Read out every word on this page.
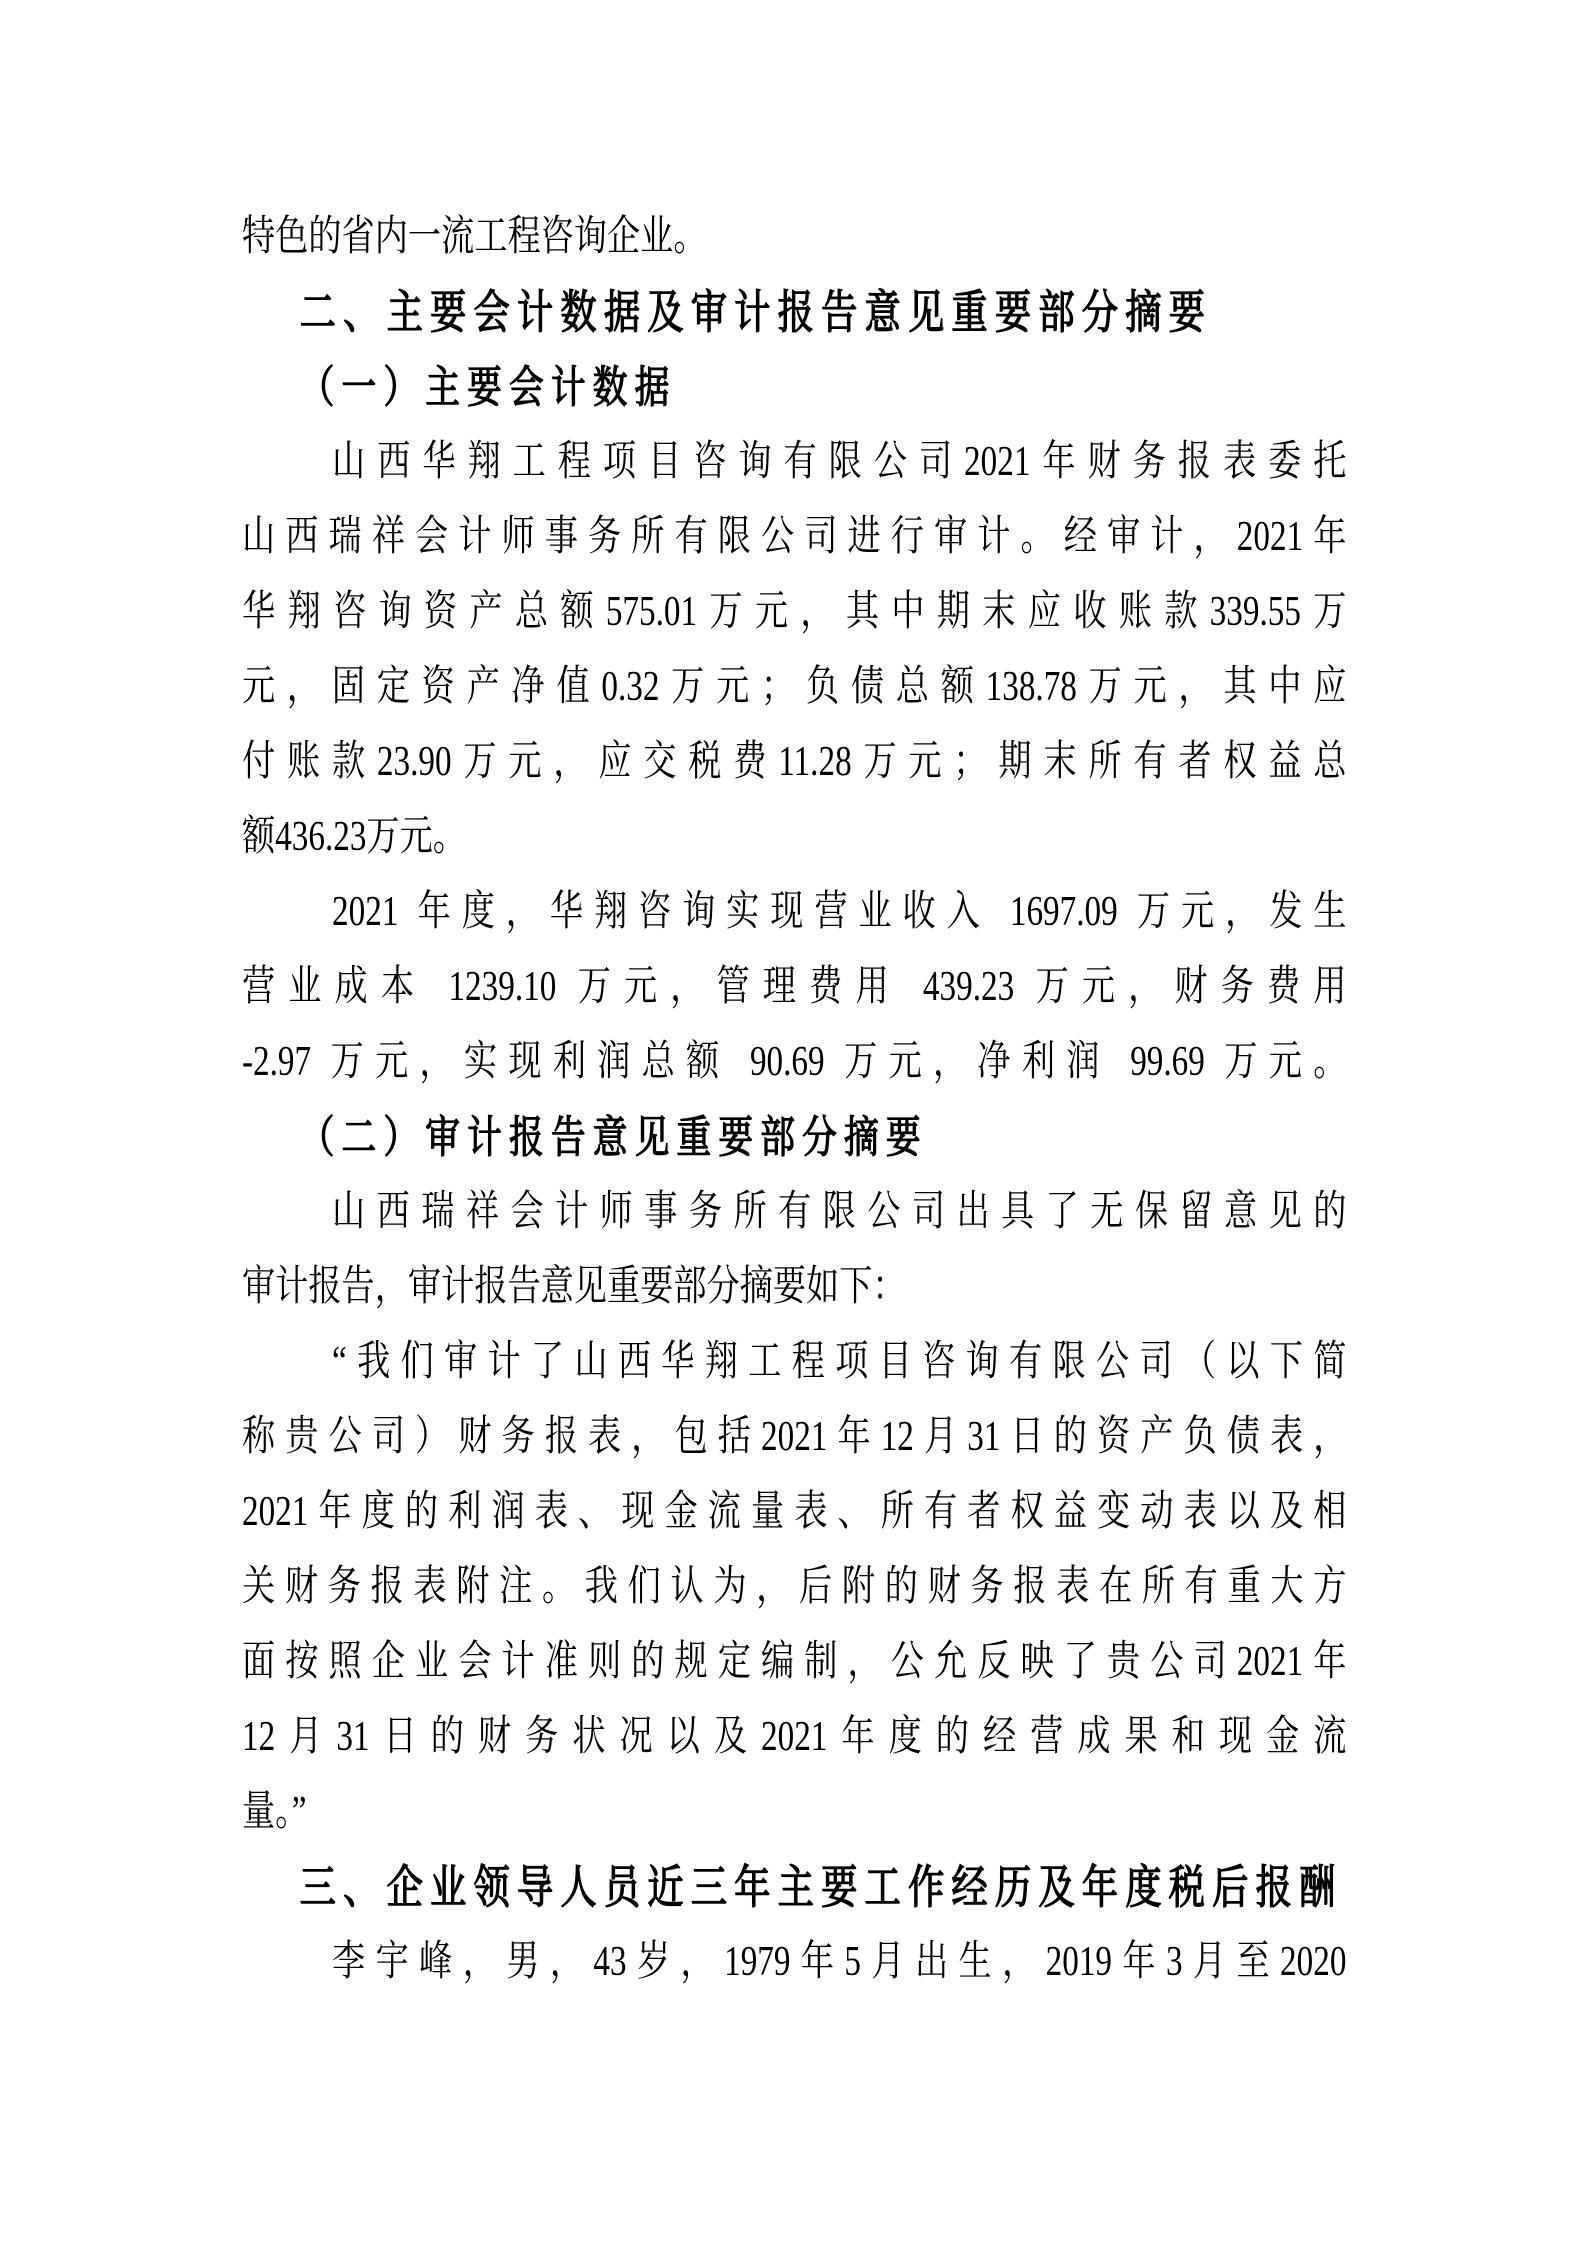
特色的省内一流工程咨询企业。
二、主要会计数据及审计报告意见重要部分摘要
（一）主要会计数据
山西华翔工程项目咨询有限公司2021年财务报表委托
山西瑞祥会计师事务所有限公司进行审计。经审计，2021年
华翔咨询资产总额575.01万元，其中期末应收账款339.55万
元，固定资产净值0.32万元；负债总额138.78万元，其中应
付账款23.90万元，应交税费11.28万元；期末所有者权益总
额436.23万元。
2021 年度，华翔咨询实现营业收入 1697.09 万元，发生
营业成本 1239.10 万元，管理费用 439.23 万元，财务费用
-2.97 万元，实现利润总额 90.69 万元，净利润 99.69 万元。
（二）审计报告意见重要部分摘要
山西瑞祥会计师事务所有限公司出具了无保留意见的
审计报告，审计报告意见重要部分摘要如下：
“我们审计了山西华翔工程项目咨询有限公司（以下简
称贵公司）财务报表，包括2021年12月31日的资产负债表，
2021年度的利润表、现金流量表、所有者权益变动表以及相
关财务报表附注。我们认为，后附的财务报表在所有重大方
面按照企业会计准则的规定编制，公允反映了贵公司2021年
12月31日的财务状况以及2021年度的经营成果和现金流
量。”
三、企业领导人员近三年主要工作经历及年度税后报酬
李宇峰，男，43岁，1979年5月出生，2019年3月至2020
